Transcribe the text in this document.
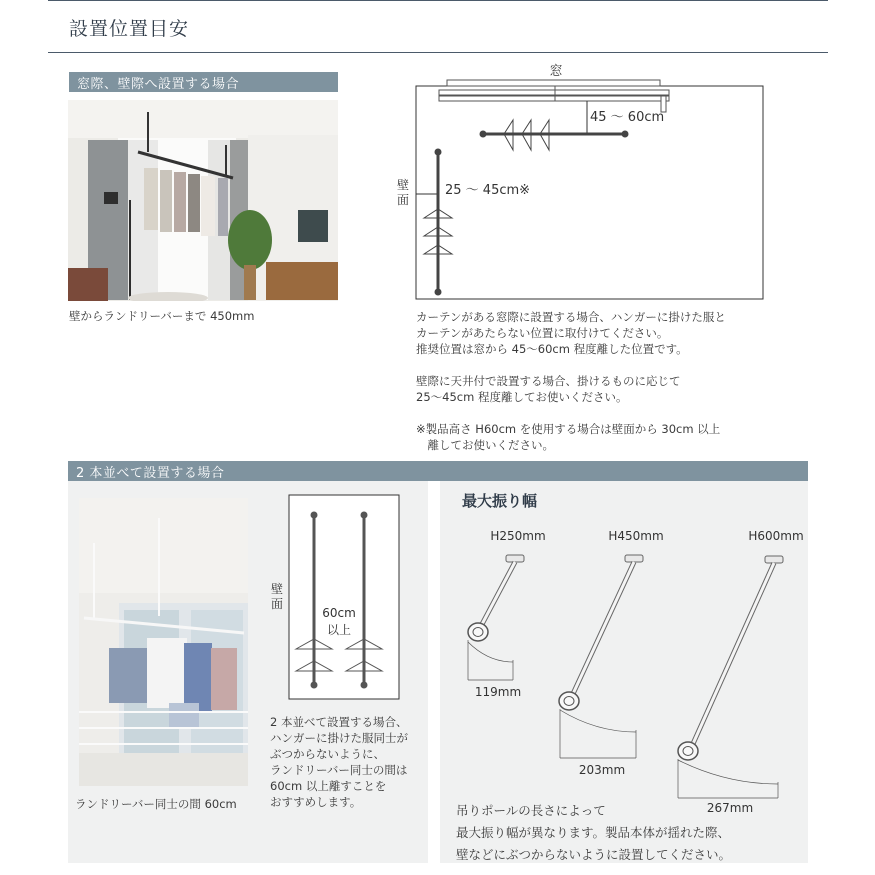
設置位置目安
窓際、壁際へ設置する場合
壁からランドリーバーまで 450mm
窓
45 〜 60cm
壁
面
25 〜 45cm※
カーテンがある窓際に設置する場合、ハンガーに掛けた服と
カーテンがあたらない位置に取付けてください。
推奨位置は窓から 45〜60cm 程度離した位置です。
壁際に天井付で設置する場合、掛けるものに応じて
25〜45cm 程度離してお使いください。
※製品高さ H60cm を使用する場合は壁面から 30cm 以上
　離してお使いください。
2 本並べて設置する場合
ランドリーバー同士の間 60cm
壁
面
60cm
以上
2 本並べて設置する場合、
ハンガーに掛けた服同士が
ぶつからないように、
ランドリーバー同士の間は
60cm 以上離すことを
おすすめします。
最大振り幅
H250mm
119mm
H450mm
203mm
H600mm
267mm
吊りポールの長さによって
最大振り幅が異なります。製品本体が揺れた際、
壁などにぶつからないように設置してください。
